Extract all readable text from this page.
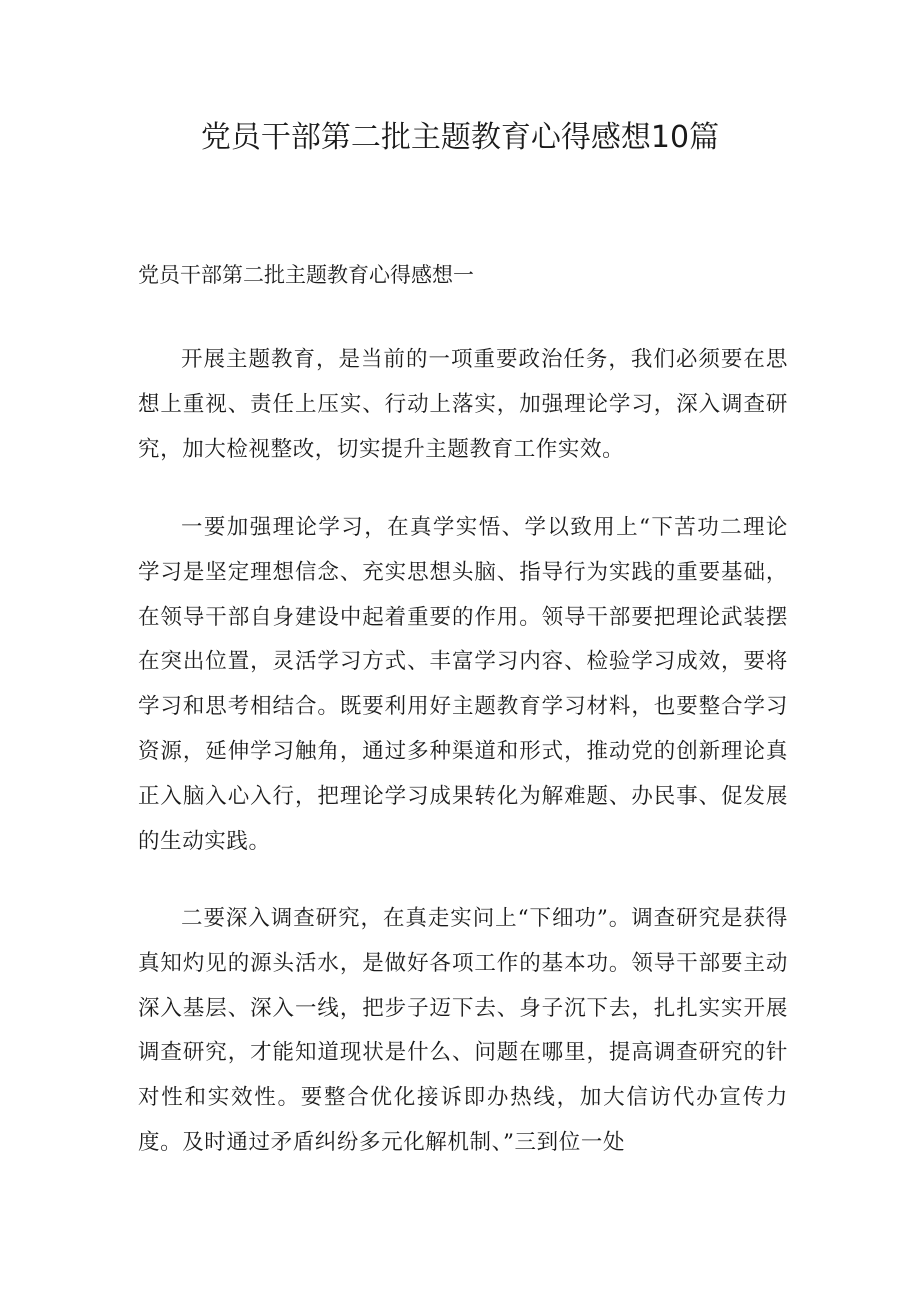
党员干部第二批主题教育心得感想10篇

党员干部第二批主题教育心得感想一

开展主题教育，是当前的一项重要政治任务，我们必须要在思想上重视、责任上压实、行动上落实，加强理论学习，深入调查研究，加大检视整改，切实提升主题教育工作实效。

一要加强理论学习，在真学实悟、学以致用上“下苦功二理论学习是坚定理想信念、充实思想头脑、指导行为实践的重要基础，在领导干部自身建设中起着重要的作用。领导干部要把理论武装摆在突出位置，灵活学习方式、丰富学习内容、检验学习成效，要将学习和思考相结合。既要利用好主题教育学习材料，也要整合学习资源，延伸学习触角，通过多种渠道和形式，推动党的创新理论真正入脑入心入行，把理论学习成果转化为解难题、办民事、促发展的生动实践。

二要深入调查研究，在真走实问上“下细功”。调查研究是获得真知灼见的源头活水，是做好各项工作的基本功。领导干部要主动深入基层、深入一线，把步子迈下去、身子沉下去，扎扎实实开展调查研究，才能知道现状是什么、问题在哪里，提高调查研究的针对性和实效性。要整合优化接诉即办热线，加大信访代办宣传力度。及时通过矛盾纠纷多元化解机制、”三到位一处
